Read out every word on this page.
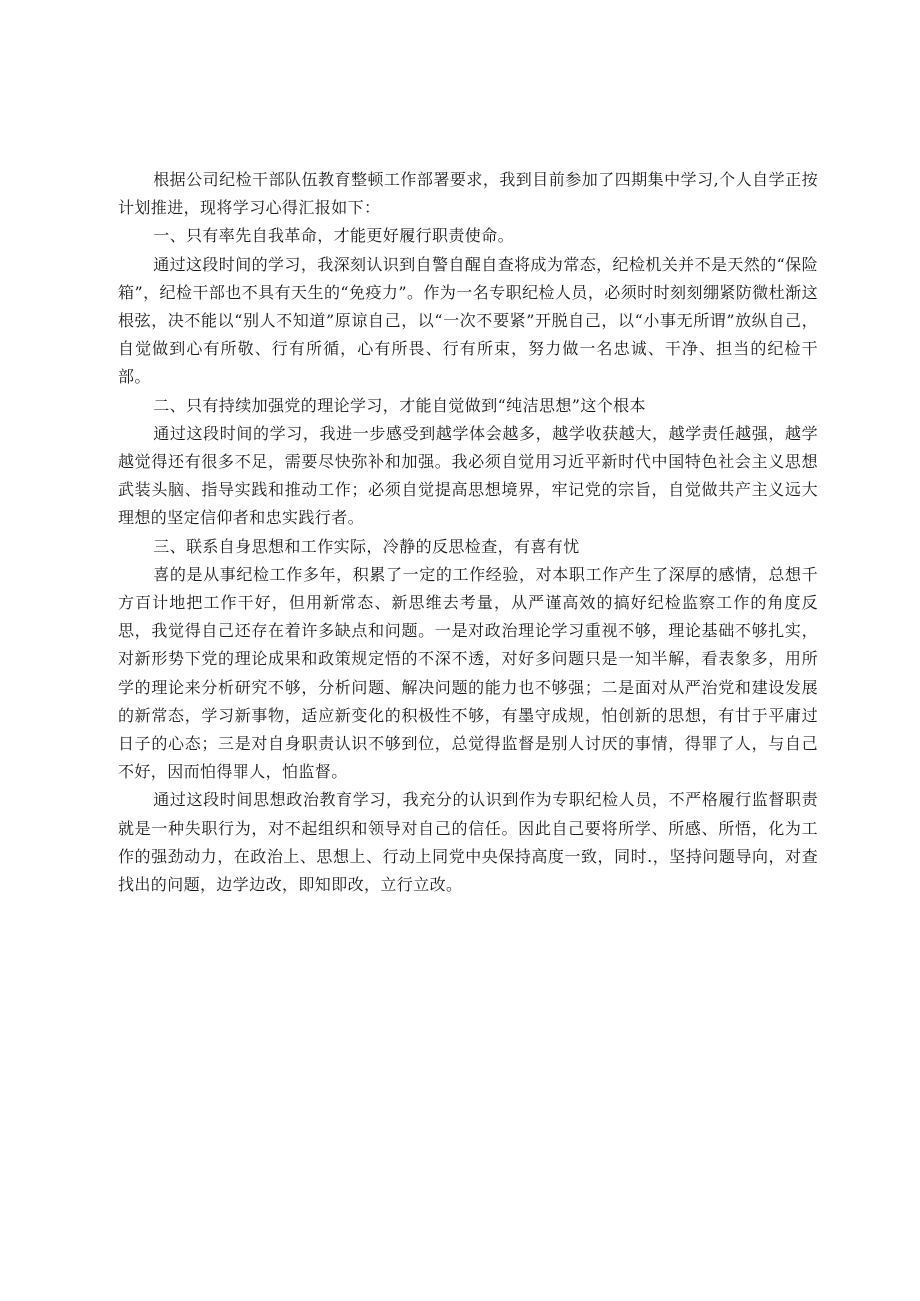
根据公司纪检干部队伍教育整顿工作部署要求，我到目前参加了四期集中学习,个人自学正按计划推进，现将学习心得汇报如下：

一、只有率先自我革命，才能更好履行职责使命。

通过这段时间的学习，我深刻认识到自警自醒自查将成为常态，纪检机关并不是天然的“保险箱”，纪检干部也不具有天生的“免疫力”。作为一名专职纪检人员，必须时时刻刻绷紧防微杜渐这根弦，决不能以“别人不知道”原谅自己，以“一次不要紧”开脱自己，以“小事无所谓”放纵自己，自觉做到心有所敬、行有所循，心有所畏、行有所束，努力做一名忠诚、干净、担当的纪检干部。

二、只有持续加强党的理论学习，才能自觉做到“纯洁思想”这个根本

通过这段时间的学习，我进一步感受到越学体会越多，越学收获越大，越学责任越强，越学越觉得还有很多不足，需要尽快弥补和加强。我必须自觉用习近平新时代中国特色社会主义思想武装头脑、指导实践和推动工作；必须自觉提高思想境界，牢记党的宗旨，自觉做共产主义远大理想的坚定信仰者和忠实践行者。

三、联系自身思想和工作实际，冷静的反思检查，有喜有忧

喜的是从事纪检工作多年，积累了一定的工作经验，对本职工作产生了深厚的感情，总想千方百计地把工作干好，但用新常态、新思维去考量，从严谨高效的搞好纪检监察工作的角度反思，我觉得自己还存在着许多缺点和问题。一是对政治理论学习重视不够，理论基础不够扎实，对新形势下党的理论成果和政策规定悟的不深不透，对好多问题只是一知半解，看表象多，用所学的理论来分析研究不够，分析问题、解决问题的能力也不够强；二是面对从严治党和建设发展的新常态，学习新事物，适应新变化的积极性不够，有墨守成规，怕创新的思想，有甘于平庸过日子的心态；三是对自身职责认识不够到位，总觉得监督是别人讨厌的事情，得罪了人，与自己不好，因而怕得罪人，怕监督。

通过这段时间思想政治教育学习，我充分的认识到作为专职纪检人员，不严格履行监督职责就是一种失职行为，对不起组织和领导对自己的信任。因此自己要将所学、所感、所悟，化为工作的强劲动力，在政治上、思想上、行动上同党中央保持高度一致，同时.，坚持问题导向，对查找出的问题，边学边改，即知即改，立行立改。
